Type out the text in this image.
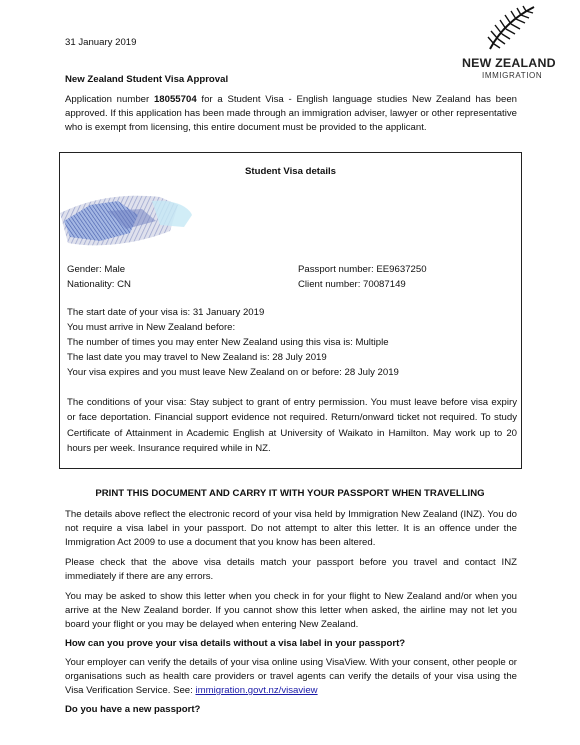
31 January 2019
NEW ZEALAND
IMMIGRATION
New Zealand Student Visa Approval
Application number 18055704 for a Student Visa - English language studies New Zealand has been approved. If this application has been made through an immigration adviser, lawyer or other representative who is exempt from licensing, this entire document must be provided to the applicant.
Student Visa details
Gender: Male
Nationality: CN
Passport number: EE9637250
Client number: 70087149
The start date of your visa is: 31 January 2019
You must arrive in New Zealand before:
The number of times you may enter New Zealand using this visa is: Multiple
The last date you may travel to New Zealand is: 28 July 2019
Your visa expires and you must leave New Zealand on or before: 28 July 2019
The conditions of your visa: Stay subject to grant of entry permission. You must leave before visa expiry or face deportation. Financial support evidence not required. Return/onward ticket not required. To study Certificate of Attainment in Academic English at University of Waikato in Hamilton. May work up to 20 hours per week. Insurance required while in NZ.
PRINT THIS DOCUMENT AND CARRY IT WITH YOUR PASSPORT WHEN TRAVELLING
The details above reflect the electronic record of your visa held by Immigration New Zealand (INZ). You do not require a visa label in your passport. Do not attempt to alter this letter. It is an offence under the Immigration Act 2009 to use a document that you know has been altered.
Please check that the above visa details match your passport before you travel and contact INZ immediately if there are any errors.
You may be asked to show this letter when you check in for your flight to New Zealand and/or when you arrive at the New Zealand border. If you cannot show this letter when asked, the airline may not let you board your flight or you may be delayed when entering New Zealand.
How can you prove your visa details without a visa label in your passport?
Your employer can verify the details of your visa online using VisaView. With your consent, other people or organisations such as health care providers or travel agents can verify the details of your visa using the Visa Verification Service. See: immigration.govt.nz/visaview
Do you have a new passport?
